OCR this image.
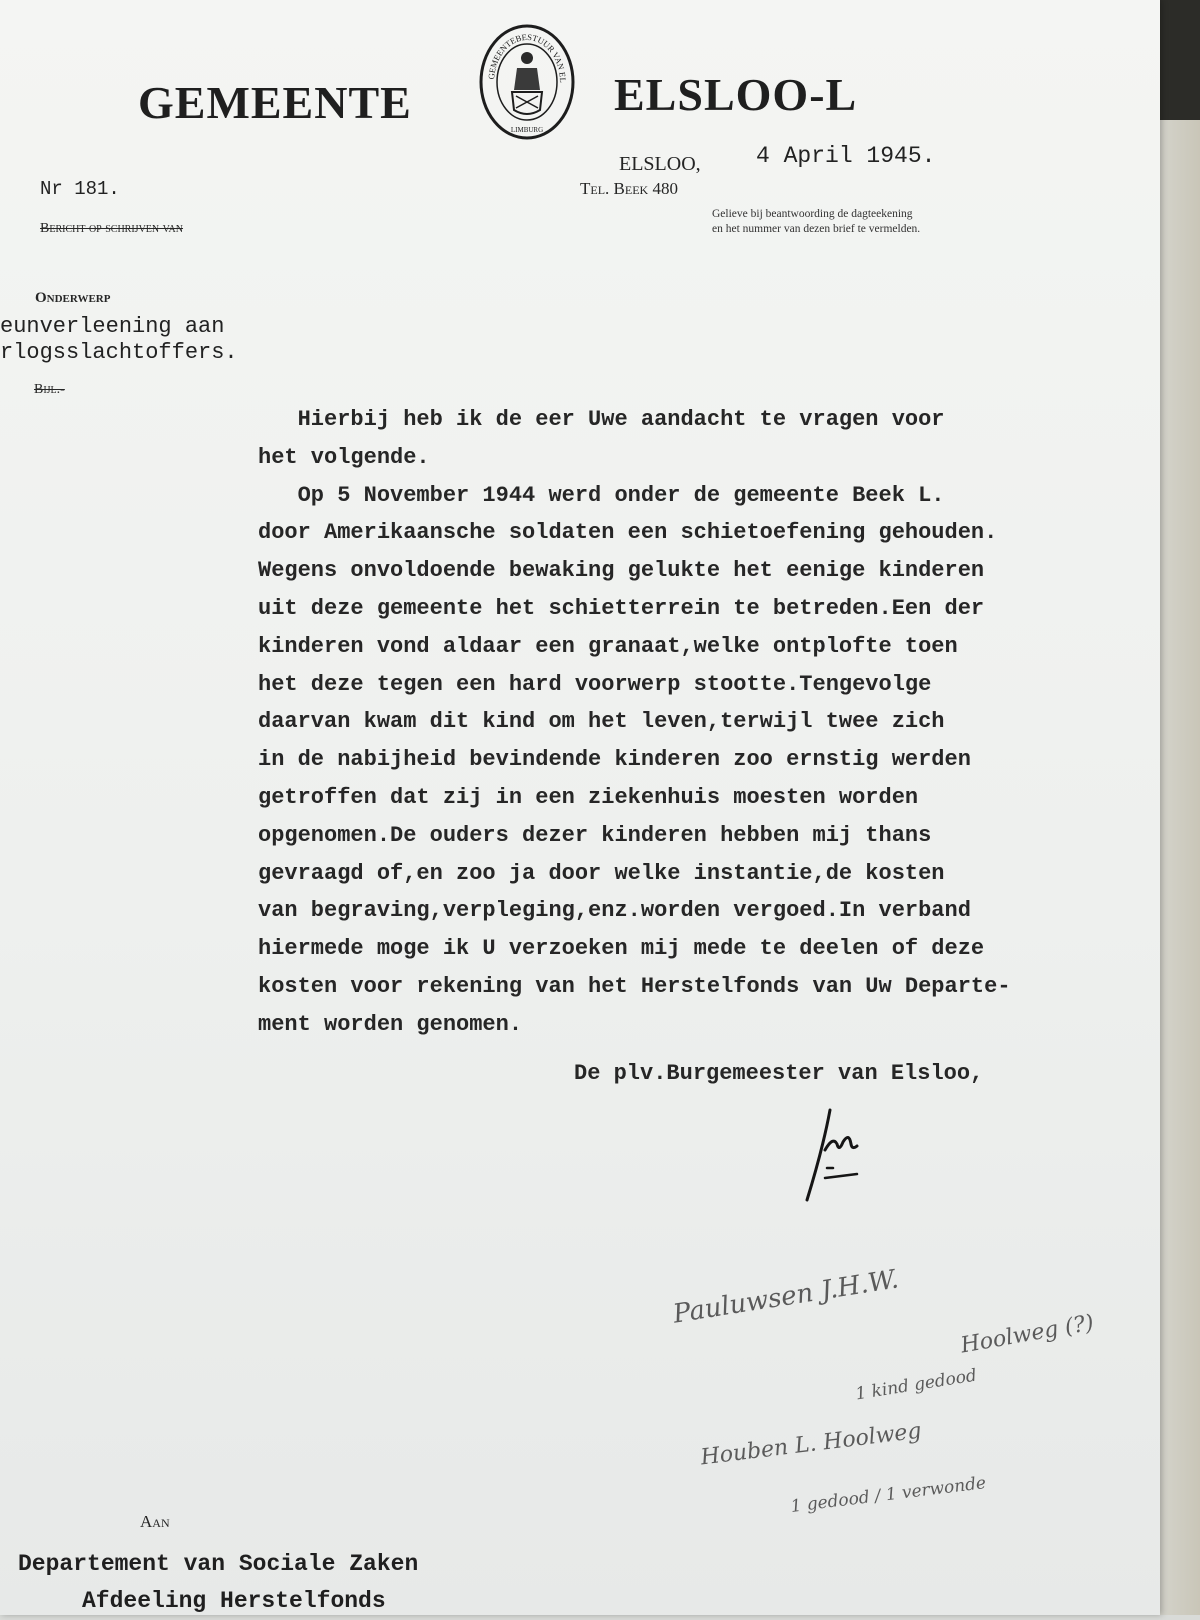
GEMEENTE
GEMEENTEBESTUUR VAN EL
LIMBURG
ELSLOO-L
ELSLOO, 4 April 1945.
Tel. Beek 480
Nr 181.
Bericht op schrijven van
Gelieve bij beantwoording de dagteekening
en het nummer van dezen brief te vermelden.
Onderwerp
eunverleening aan
rlogsslachtoffers.
Bijl.-
Hierbij heb ik de eer Uwe aandacht te vragen voor
het volgende.
Op 5 November 1944 werd onder de gemeente Beek L.
door Amerikaansche soldaten een schietoefening gehouden.
Wegens onvoldoende bewaking gelukte het eenige kinderen
uit deze gemeente het schietterrein te betreden.Een der
kinderen vond aldaar een granaat,welke ontplofte toen
het deze tegen een hard voorwerp stootte.Tengevolge
daarvan kwam dit kind om het leven,terwijl twee zich
in de nabijheid bevindende kinderen zoo ernstig werden
getroffen dat zij in een ziekenhuis moesten worden
opgenomen.De ouders dezer kinderen hebben mij thans
gevraagd of,en zoo ja door welke instantie,de kosten
van begraving,verpleging,enz.worden vergoed.In verband
hiermede moge ik U verzoeken mij mede te deelen of deze
kosten voor rekening van het Herstelfonds van Uw Departe-
ment worden genomen.
De plv.Burgemeester van Elsloo,
Pauluwsen J.H.W.
Hoolweg (?)
1 kind gedood
Houben L. Hoolweg
1 gedood / 1 verwonde
Aan
Departement van Sociale Zaken
Afdeeling Herstelfonds
